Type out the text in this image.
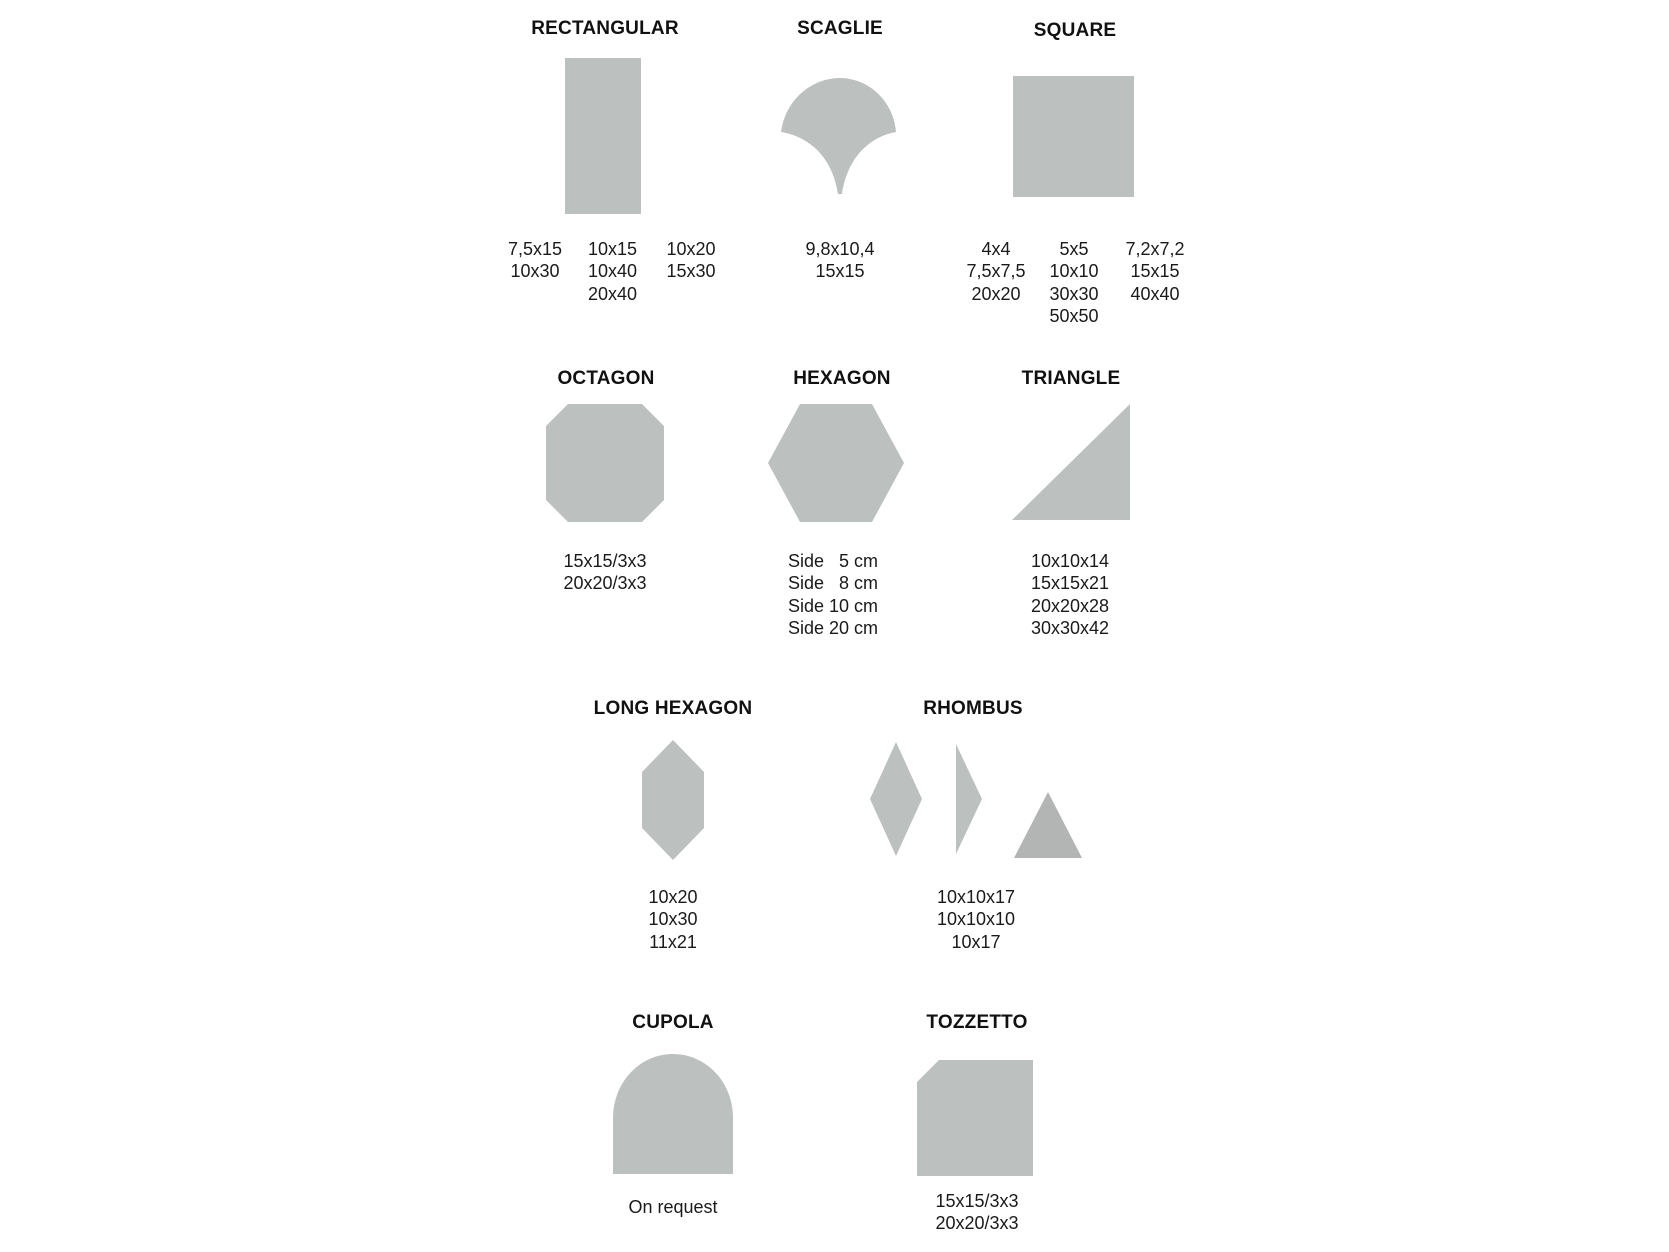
RECTANGULAR
7,5x15
10x30

10x15
10x40
20x40

10x20
15x30
SCAGLIE
9,8x10,4
15x15
SQUARE
4x4
7,5x7,5
20x20

5x5
10x10
30x30
50x50

7,2x7,2
15x15
40x40
OCTAGON
15x15/3x3
20x20/3x3
HEXAGON
Side   5 cm
Side   8 cm
Side 10 cm
Side 20 cm
TRIANGLE
10x10x14
15x15x21
20x20x28
30x30x42
LONG HEXAGON
10x20
10x30
11x21
RHOMBUS
10x10x17
10x10x10
10x17
CUPOLA
On request
TOZZETTO
15x15/3x3
20x20/3x3
